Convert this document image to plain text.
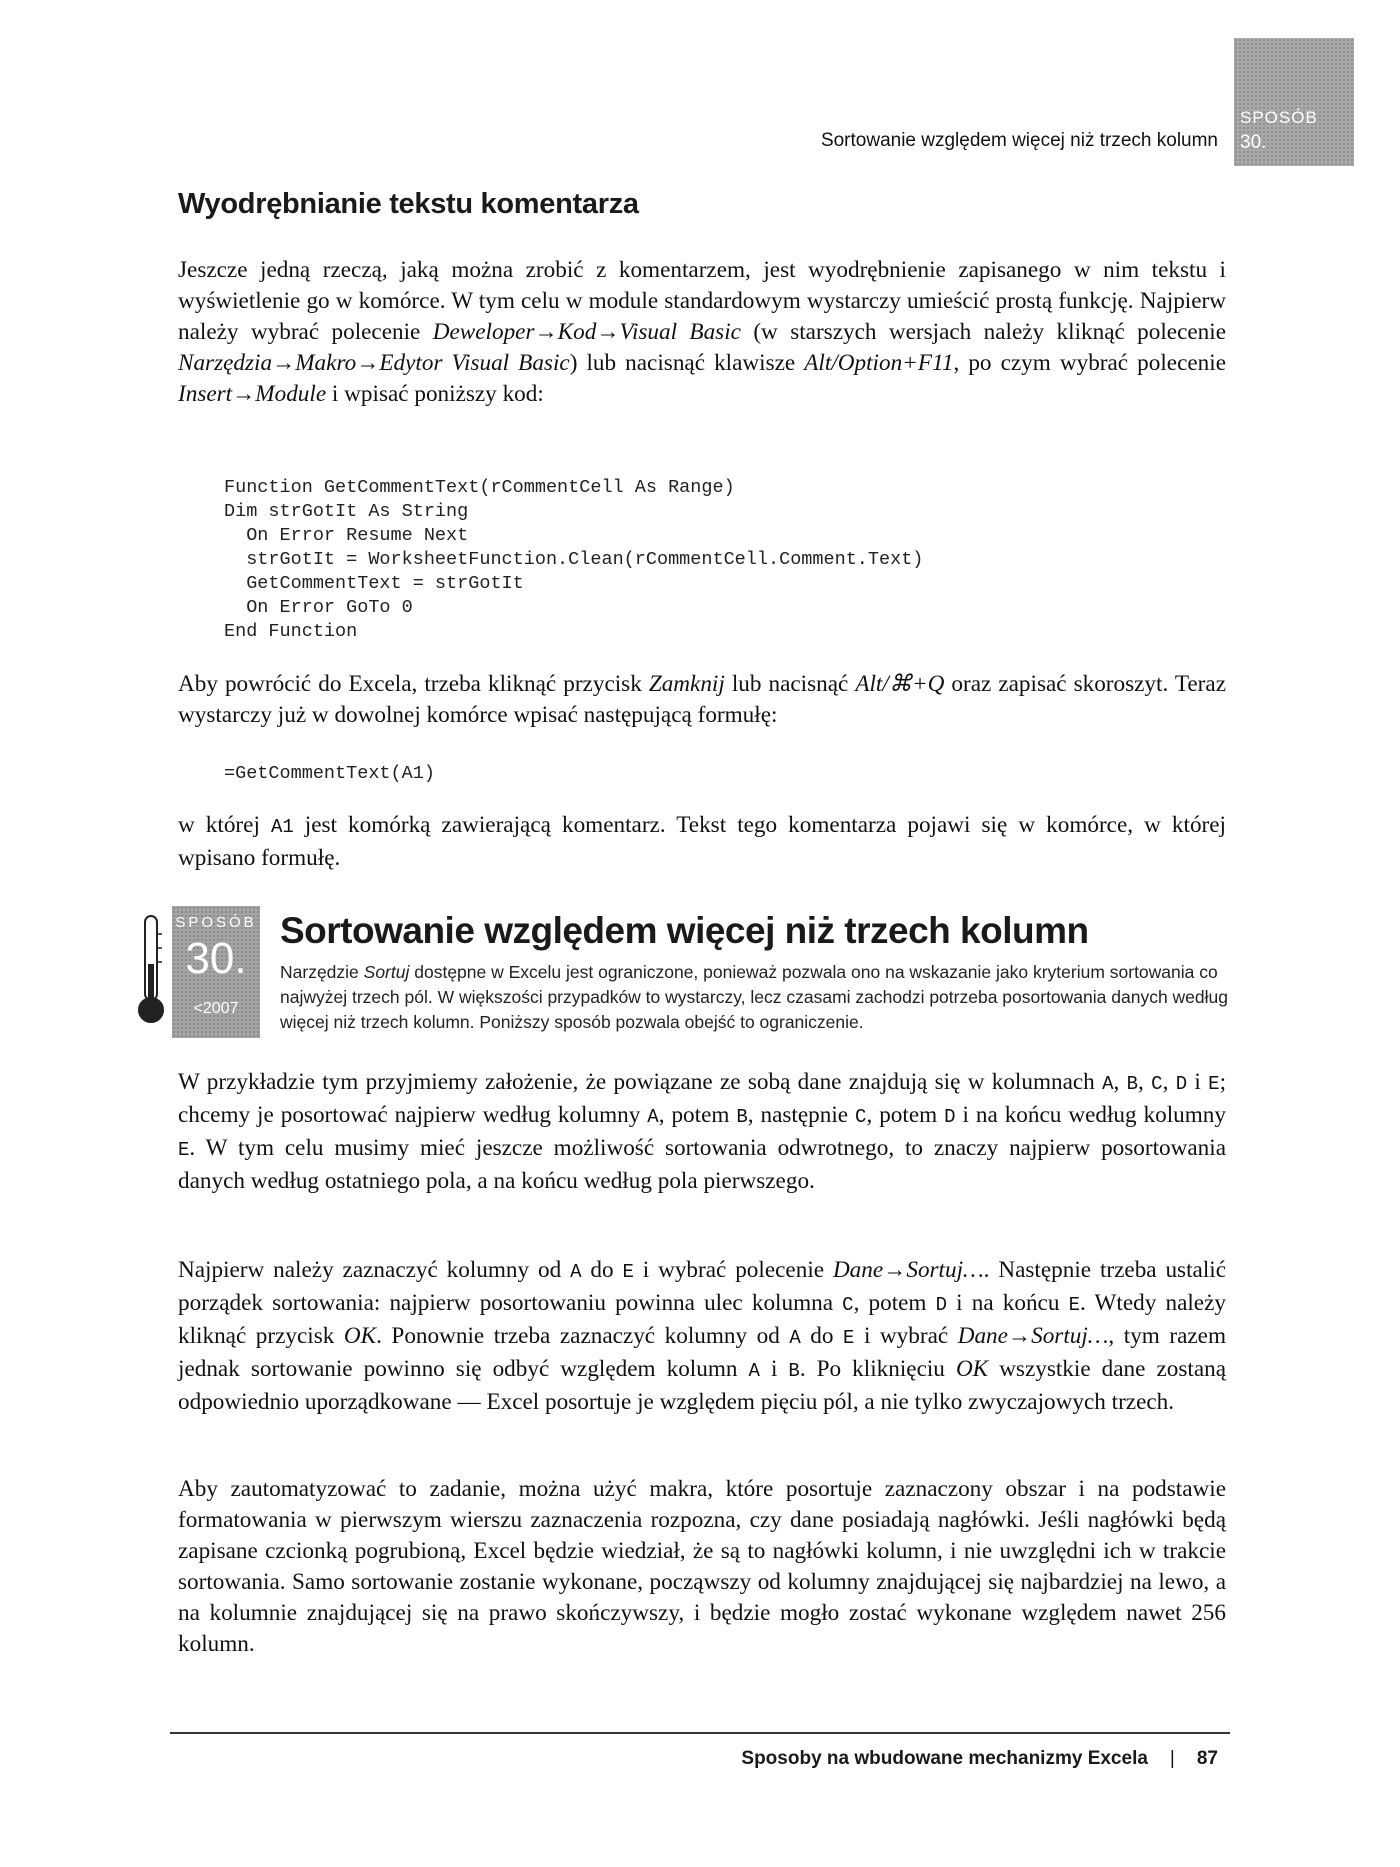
SPOSÓB
30.
Sortowanie względem więcej niż trzech kolumn
Wyodrębnianie tekstu komentarza

Jeszcze jedną rzeczą, jaką można zrobić z komentarzem, jest wyodrębnienie zapisanego w nim tekstu i wyświetlenie go w komórce. W tym celu w module standardowym wystarczy umieścić prostą funkcję. Najpierw należy wybrać polecenie Deweloper→Kod→Visual Basic (w starszych wersjach należy kliknąć polecenie Narzędzia→Makro→Edytor Visual Basic) lub nacisnąć klawisze Alt/Option+F11, po czym wybrać polecenie Insert→Module i wpisać poniższy kod:

Function GetCommentText(rCommentCell As Range)
Dim strGotIt As String
On Error Resume Next
strGotIt = WorksheetFunction.Clean(rCommentCell.Comment.Text)
GetCommentText = strGotIt
On Error GoTo 0
End Function

Aby powrócić do Excela, trzeba kliknąć przycisk Zamknij lub nacisnąć Alt/⌘+Q oraz zapisać skoroszyt. Teraz wystarczy już w dowolnej komórce wpisać następującą formułę:

=GetCommentText(A1)

w której A1 jest komórką zawierającą komentarz. Tekst tego komentarza pojawi się w komórce, w której wpisano formułę.

SPOSÓB
30.
<2007
Sortowanie względem więcej niż trzech kolumn

Narzędzie Sortuj dostępne w Excelu jest ograniczone, ponieważ pozwala ono na wskazanie jako kryterium sortowania co najwyżej trzech pól. W większości przypadków to wystarczy, lecz czasami zachodzi potrzeba posortowania danych według więcej niż trzech kolumn. Poniższy sposób pozwala obejść to ograniczenie.

W przykładzie tym przyjmiemy założenie, że powiązane ze sobą dane znajdują się w kolumnach A, B, C, D i E; chcemy je posortować najpierw według kolumny A, potem B, następnie C, potem D i na końcu według kolumny E. W tym celu musimy mieć jeszcze możliwość sortowania odwrotnego, to znaczy najpierw posortowania danych według ostatniego pola, a na końcu według pola pierwszego.

Najpierw należy zaznaczyć kolumny od A do E i wybrać polecenie Dane→Sortuj…. Następnie trzeba ustalić porządek sortowania: najpierw posortowaniu powinna ulec kolumna C, potem D i na końcu E. Wtedy należy kliknąć przycisk OK. Ponownie trzeba zaznaczyć kolumny od A do E i wybrać Dane→Sortuj…, tym razem jednak sortowanie powinno się odbyć względem kolumn A i B. Po kliknięciu OK wszystkie dane zostaną odpowiednio uporządkowane — Excel posortuje je względem pięciu pól, a nie tylko zwyczajowych trzech.

Aby zautomatyzować to zadanie, można użyć makra, które posortuje zaznaczony obszar i na podstawie formatowania w pierwszym wierszu zaznaczenia rozpozna, czy dane posiadają nagłówki. Jeśli nagłówki będą zapisane czcionką pogrubioną, Excel będzie wiedział, że są to nagłówki kolumn, i nie uwzględni ich w trakcie sortowania. Samo sortowanie zostanie wykonane, począwszy od kolumny znajdującej się najbardziej na lewo, a na kolumnie znajdującej się na prawo skończywszy, i będzie mogło zostać wykonane względem nawet 256 kolumn.

Sposoby na wbudowane mechanizmy Excela | 87
